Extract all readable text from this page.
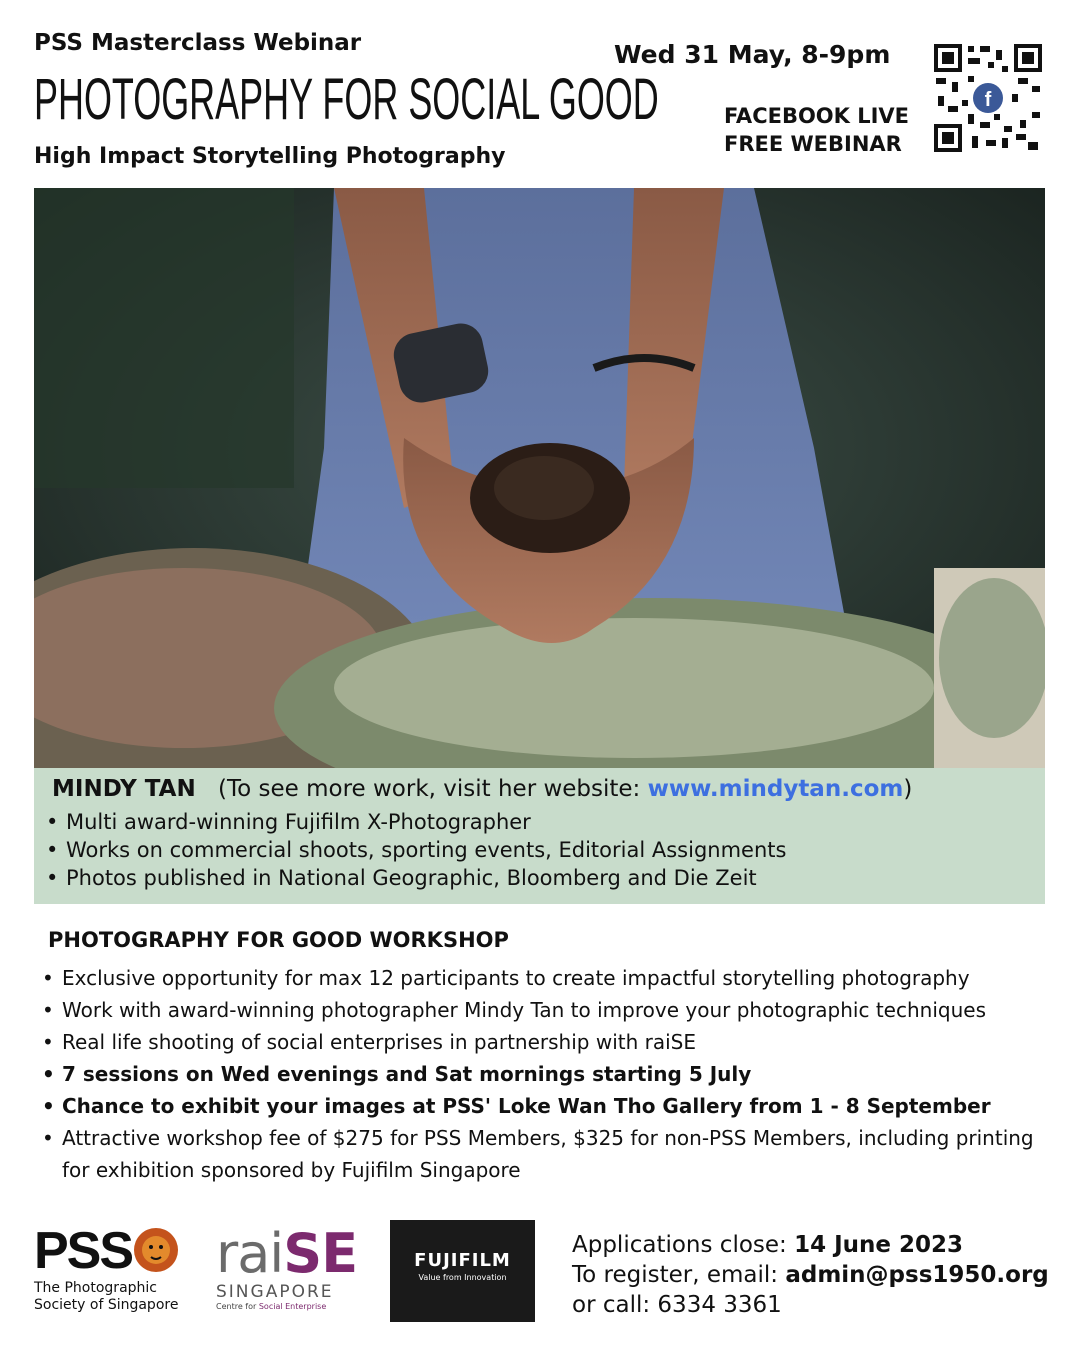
PSS Masterclass Webinar
PHOTOGRAPHY FOR SOCIAL GOOD
High Impact Storytelling Photography
Wed 31 May, 8-9pm
FACEBOOK LIVE
FREE WEBINAR
f
MINDY TAN (To see more work, visit her website: www.mindytan.com)
• Multi award-winning Fujifilm X-Photographer
• Works on commercial shoots, sporting events, Editorial Assignments
• Photos published in National Geographic, Bloomberg and Die Zeit
PHOTOGRAPHY FOR GOOD WORKSHOP
• Exclusive opportunity for max 12 participants to create impactful storytelling photography
• Work with award-winning photographer Mindy Tan to improve your photographic techniques
• Real life shooting of social enterprises in partnership with raiSE
• 7 sessions on Wed evenings and Sat mornings starting 5 July
• Chance to exhibit your images at PSS' Loke Wan Tho Gallery from 1 - 8 September
• Attractive workshop fee of $275 for PSS Members, $325 for non-PSS Members, including printing for exhibition sponsored by Fujifilm Singapore
PSS
The Photographic
Society of Singapore
raiSE
SINGAPORE
Centre for Social Enterprise
FUJIFILM
Value from Innovation
Applications close: 14 June 2023
To register, email: admin@pss1950.org
or call: 6334 3361
